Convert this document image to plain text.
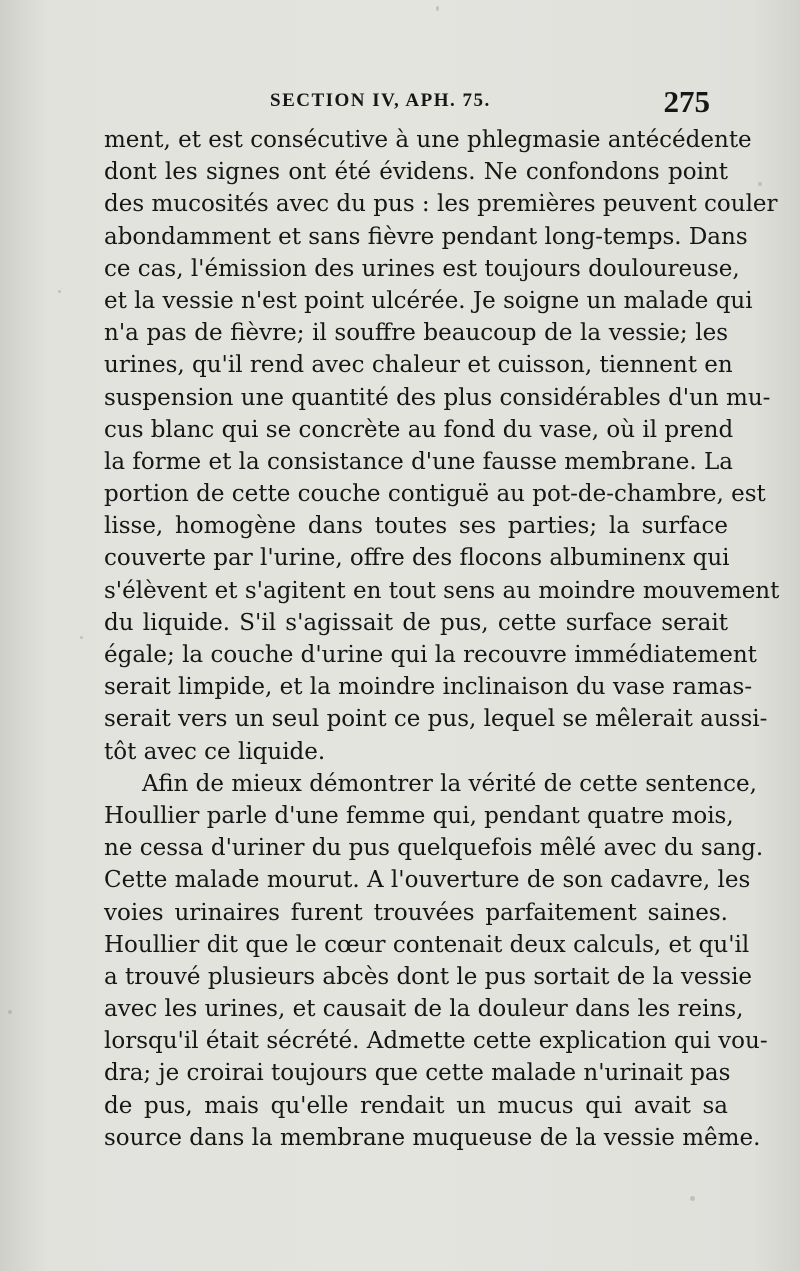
SECTION IV, APH. 75.	275
ment, et est consécutive à une phlegmasie antécédente
dont les signes ont été évidens. Ne confondons point
des mucosités avec du pus : les premières peuvent couler
abondamment et sans fièvre pendant long-temps. Dans
ce cas, l'émission des urines est toujours douloureuse,
et la vessie n'est point ulcérée. Je soigne un malade qui
n'a pas de fièvre; il souffre beaucoup de la vessie; les
urines, qu'il rend avec chaleur et cuisson, tiennent en
suspension une quantité des plus considérables d'un mu-
cus blanc qui se concrète au fond du vase, où il prend
la forme et la consistance d'une fausse membrane. La
portion de cette couche contiguë au pot-de-chambre, est
lisse, homogène dans toutes ses parties; la surface
couverte par l'urine, offre des flocons albuminenx qui
s'élèvent et s'agitent en tout sens au moindre mouvement
du liquide. S'il s'agissait de pus, cette surface serait
égale; la couche d'urine qui la recouvre immédiatement
serait limpide, et la moindre inclinaison du vase ramas-
serait vers un seul point ce pus, lequel se mêlerait aussi-
tôt avec ce liquide.
Afin de mieux démontrer la vérité de cette sentence,
Houllier parle d'une femme qui, pendant quatre mois,
ne cessa d'uriner du pus quelquefois mêlé avec du sang.
Cette malade mourut. A l'ouverture de son cadavre, les
voies urinaires furent trouvées parfaitement saines.
Houllier dit que le cœur contenait deux calculs, et qu'il
a trouvé plusieurs abcès dont le pus sortait de la vessie
avec les urines, et causait de la douleur dans les reins,
lorsqu'il était sécrété. Admette cette explication qui vou-
dra; je croirai toujours que cette malade n'urinait pas
de pus, mais qu'elle rendait un mucus qui avait sa
source dans la membrane muqueuse de la vessie même.
